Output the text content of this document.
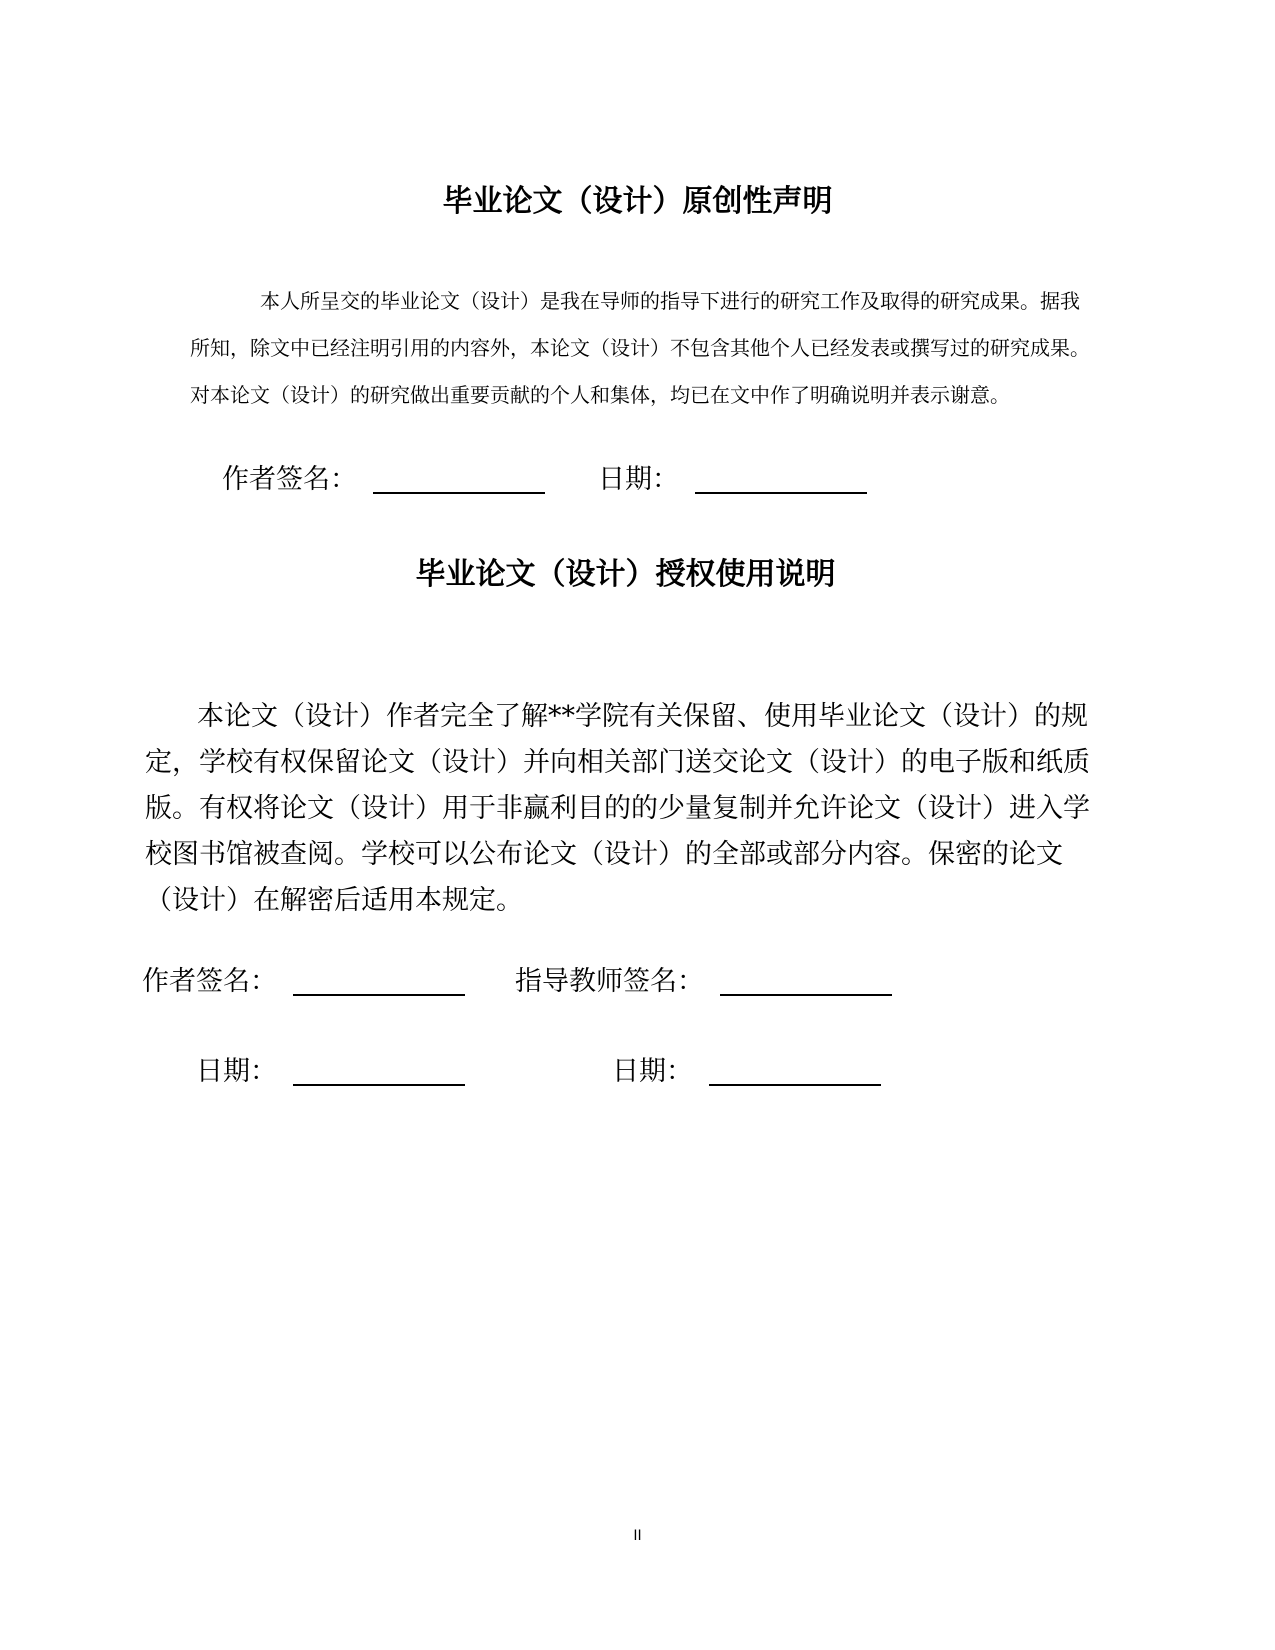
毕业论文（设计）原创性声明
本人所呈交的毕业论文（设计）是我在导师的指导下进行的研究工作及取得的研究成果。据我
所知，除文中已经注明引用的内容外，本论文（设计）不包含其他个人已经发表或撰写过的研究成果。
对本论文（设计）的研究做出重要贡献的个人和集体，均已在文中作了明确说明并表示谢意。
作者签名：	日期：
毕业论文（设计）授权使用说明
本论文（设计）作者完全了解**学院有关保留、使用毕业论文（设计）的规
定，学校有权保留论文（设计）并向相关部门送交论文（设计）的电子版和纸质
版。有权将论文（设计）用于非赢利目的的少量复制并允许论文（设计）进入学
校图书馆被查阅。学校可以公布论文（设计）的全部或部分内容。保密的论文
（设计）在解密后适用本规定。
作者签名：	指导教师签名：
日期：	日期：
II
